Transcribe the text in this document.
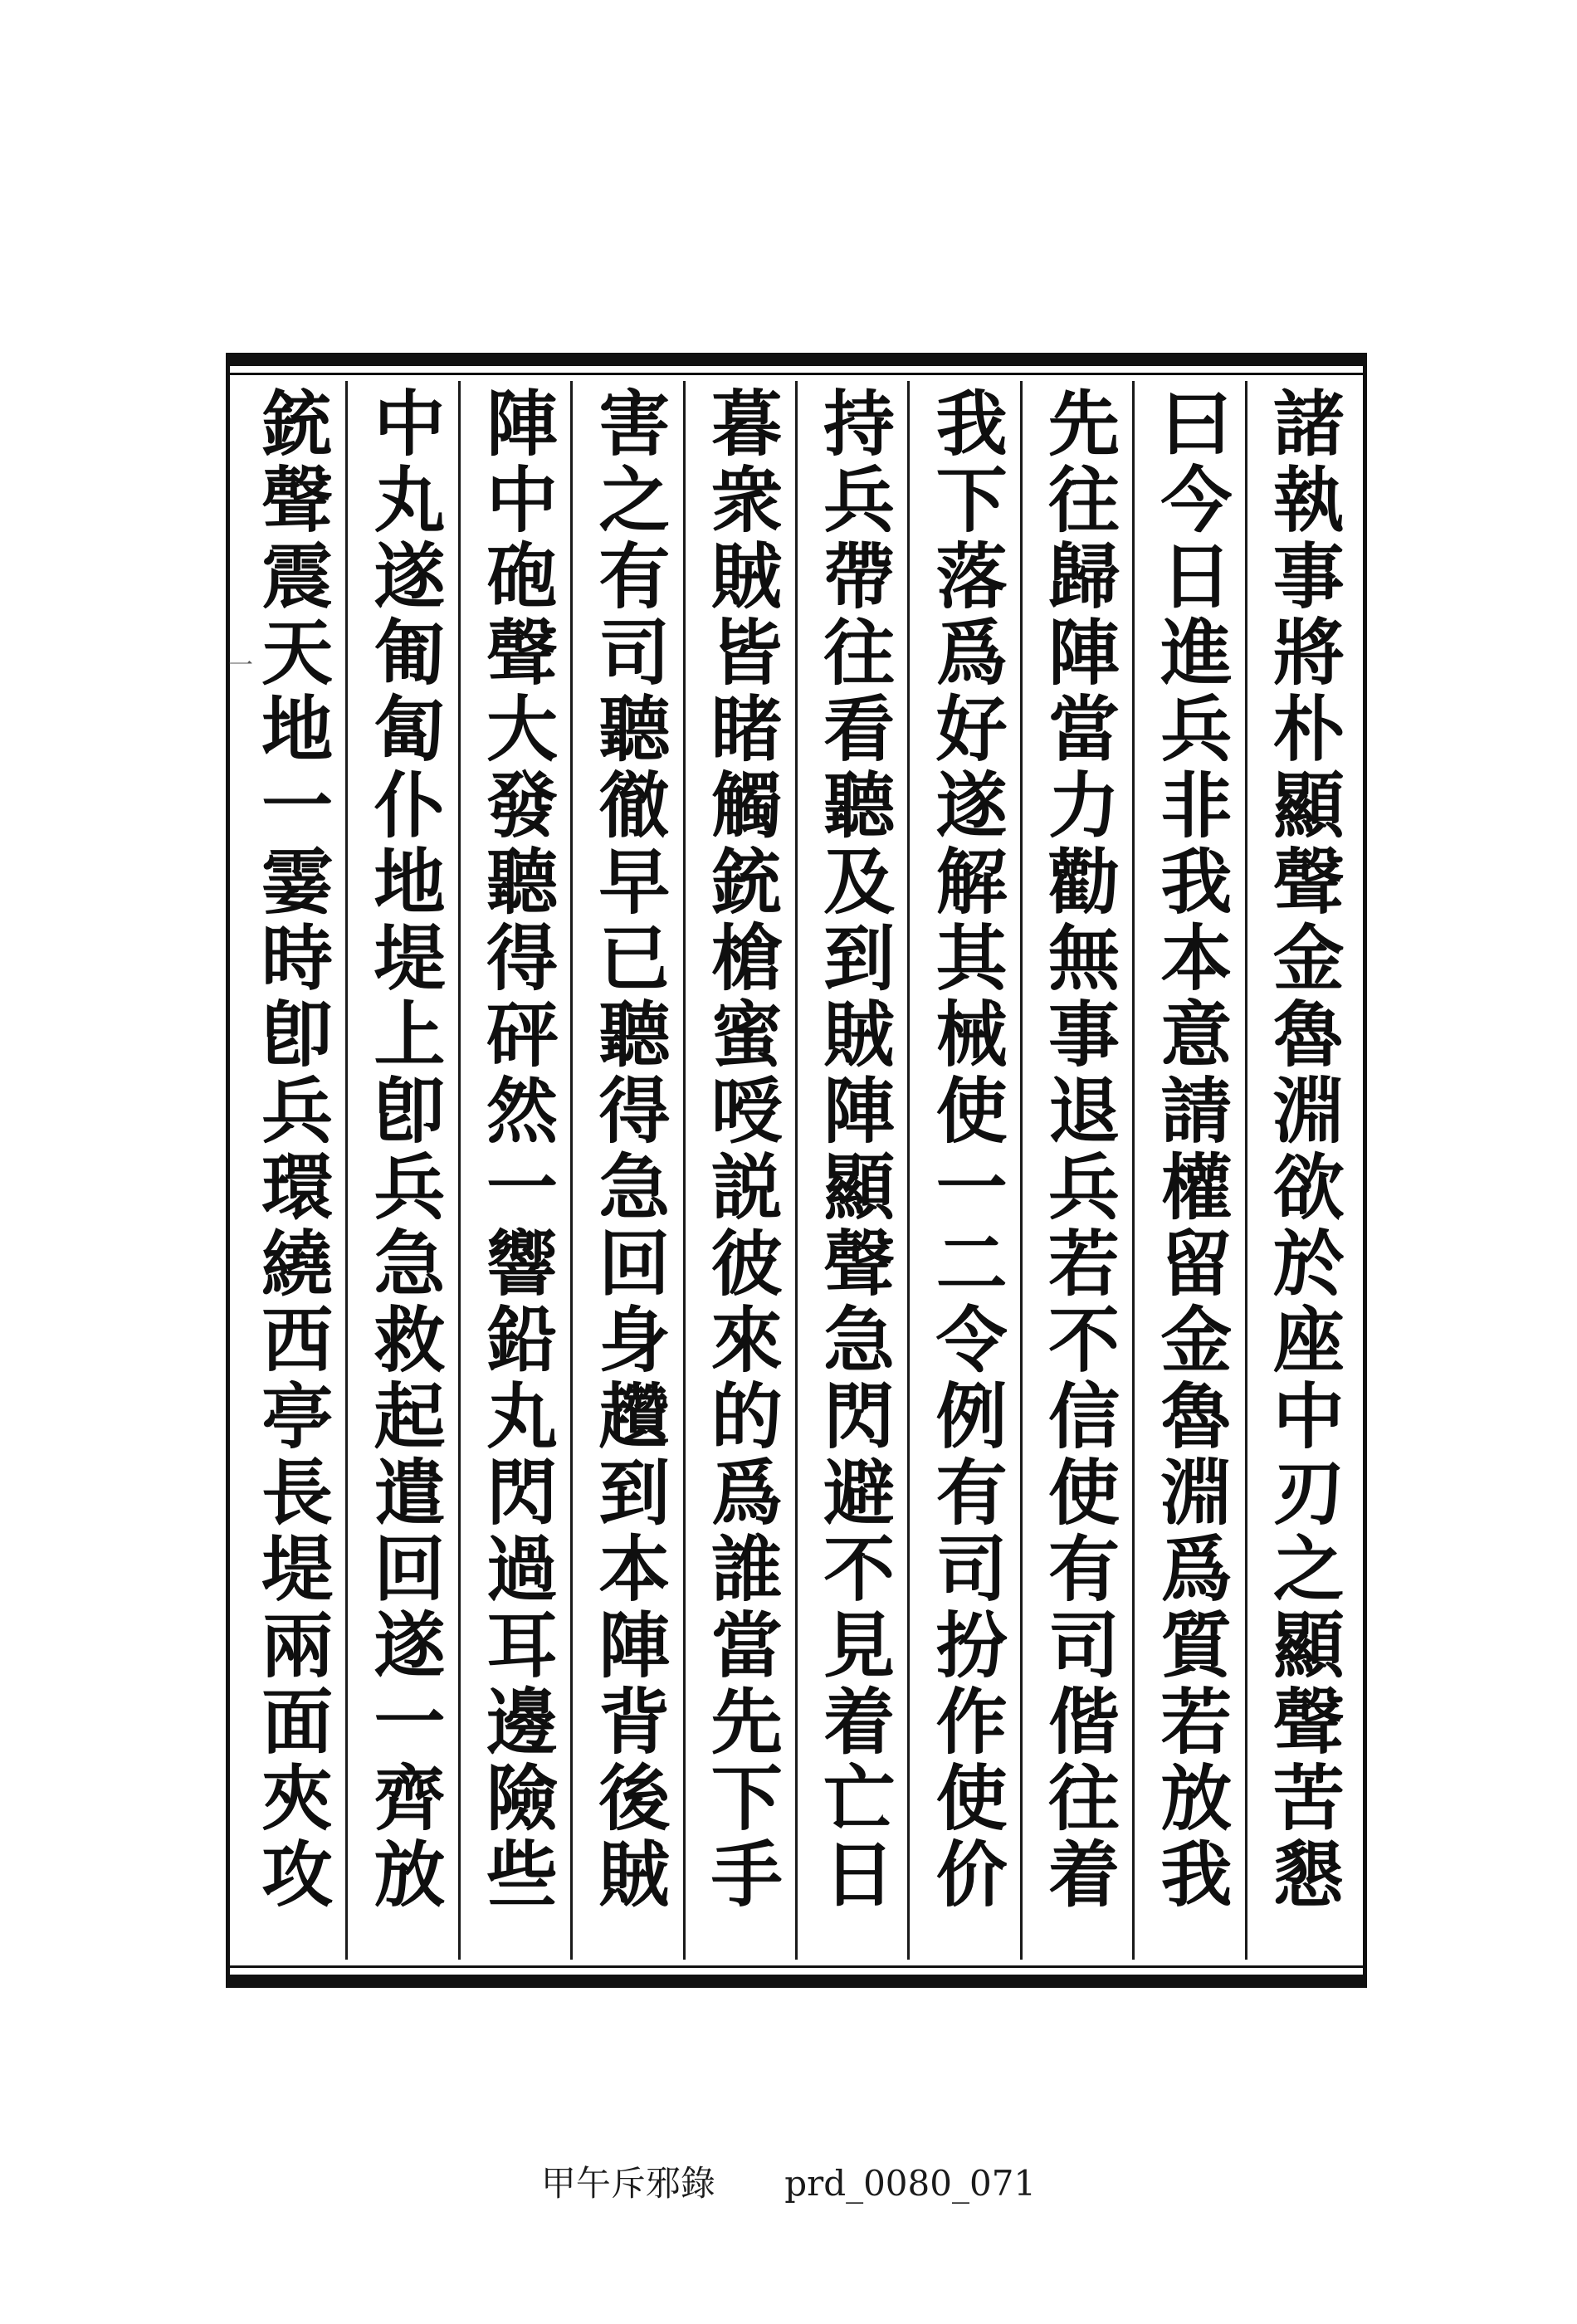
一	諸執事將朴顯聲金魯淵欲於座中刃之顯聲苦懇
曰今日進兵非我本意請權留金魯淵爲質若放我
先往歸陣當力勸無事退兵若不信使有司偕往着
我下落爲好遂解其械使一二令例有司扮作使价
持兵帶往看聽及到賊陣顯聲急閃避不見着亡日
暮衆賊皆睹觸銃槍蜜㖟説彼來的爲誰當先下手
害之有司聽徹早已聽得急回身趲到本陣背後賊
陣中砲聲大發聽得砰然一響鉛丸閃過耳邊險些
中丸遂匍匐仆地堤上卽兵急救起遣回遂一齊放
銃聲震天地一霎時卽兵環繞西亭長堤兩面夾攻
甲午斥邪錄 prd_0080_071
